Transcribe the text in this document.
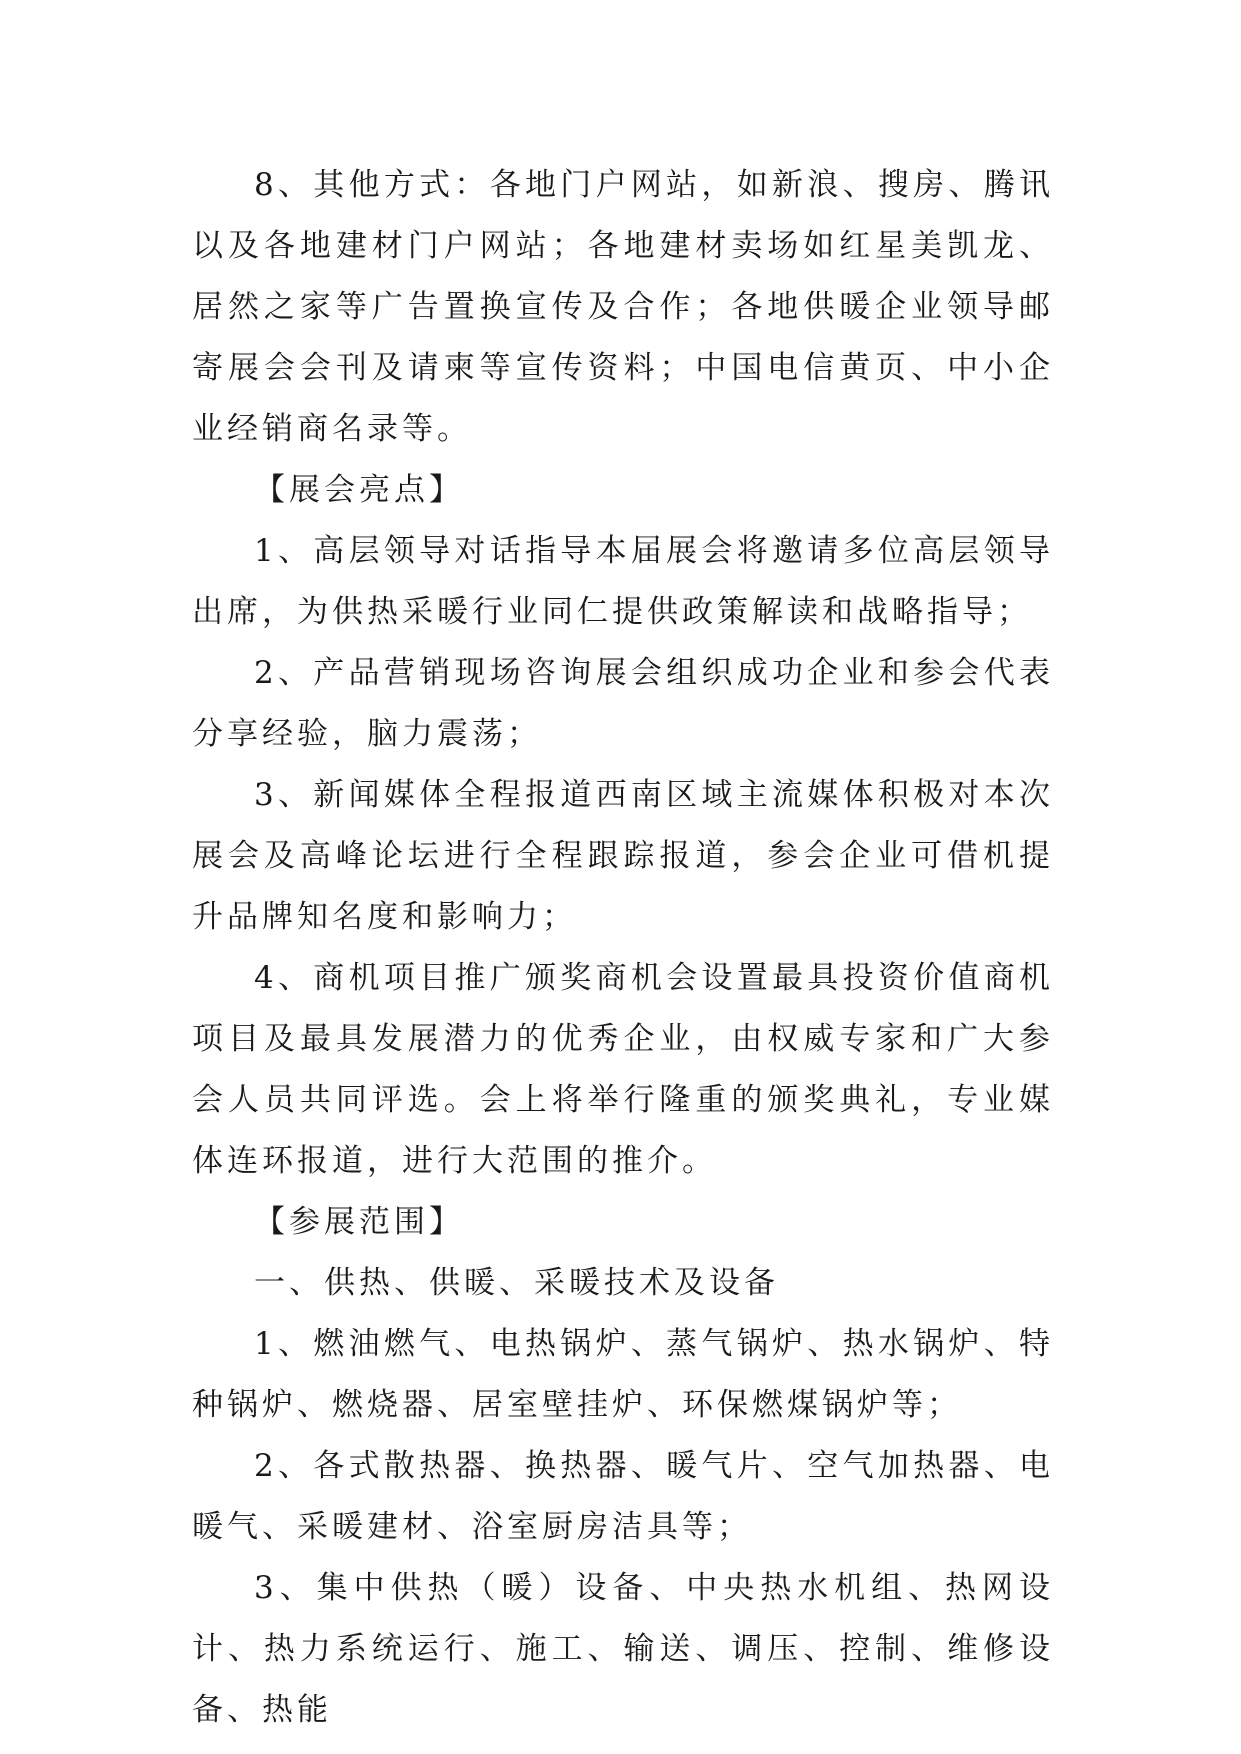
8、其他方式：各地门户网站，如新浪、搜房、腾讯以及各地建材门户网站；各地建材卖场如红星美凯龙、居然之家等广告置换宣传及合作；各地供暖企业领导邮寄展会会刊及请柬等宣传资料；中国电信黄页、中小企业经销商名录等。

【展会亮点】

1、高层领导对话指导本届展会将邀请多位高层领导出席，为供热采暖行业同仁提供政策解读和战略指导；

2、产品营销现场咨询展会组织成功企业和参会代表分享经验，脑力震荡；

3、新闻媒体全程报道西南区域主流媒体积极对本次展会及高峰论坛进行全程跟踪报道，参会企业可借机提升品牌知名度和影响力；

4、商机项目推广颁奖商机会设置最具投资价值商机项目及最具发展潜力的优秀企业，由权威专家和广大参会人员共同评选。会上将举行隆重的颁奖典礼，专业媒体连环报道，进行大范围的推介。

【参展范围】

一、供热、供暖、采暖技术及设备

1、燃油燃气、电热锅炉、蒸气锅炉、热水锅炉、特种锅炉、燃烧器、居室壁挂炉、环保燃煤锅炉等；

2、各式散热器、换热器、暖气片、空气加热器、电暖气、采暖建材、浴室厨房洁具等；

3、集中供热（暖）设备、中央热水机组、热网设计、热力系统运行、施工、输送、调压、控制、维修设备、热能
